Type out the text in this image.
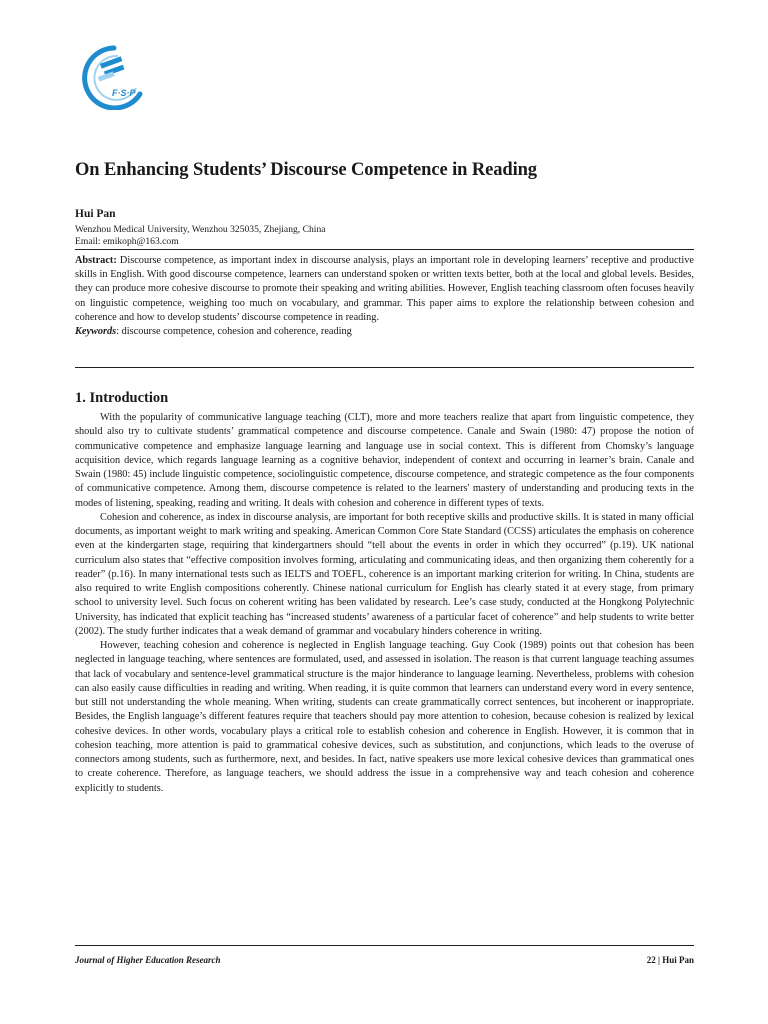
F·S·P
On Enhancing Students’ Discourse Competence in Reading
Hui Pan
Wenzhou Medical University, Wenzhou 325035, Zhejiang, China
Email: emikoph@163.com

Abstract: Discourse competence, as important index in discourse analysis, plays an important role in developing learners’ receptive and productive skills in English. With good discourse competence, learners can understand spoken or written texts better, both at the local and global levels. Besides, they can produce more cohesive discourse to promote their speaking and writing abilities. However, English teaching classroom often focuses heavily on linguistic competence, weighing too much on vocabulary, and grammar. This paper aims to explore the relationship between cohesion and coherence and how to develop students’ discourse competence in reading.

Keywords: discourse competence, cohesion and coherence, reading

1. Introduction

With the popularity of communicative language teaching (CLT), more and more teachers realize that apart from linguistic competence, they should also try to cultivate students’ grammatical competence and discourse competence. Canale and Swain (1980: 47) propose the notion of communicative competence and emphasize language learning and language use in social context. This is different from Chomsky’s language acquisition device, which regards language learning as a cognitive behavior, independent of context and occurring in learner’s brain. Canale and Swain (1980: 45) include linguistic competence, sociolinguistic competence, discourse competence, and strategic competence as the four components of communicative competence. Among them, discourse competence is related to the learners' mastery of understanding and producing texts in the modes of listening, speaking, reading and writing. It deals with cohesion and coherence in different types of texts.

Cohesion and coherence, as index in discourse analysis, are important for both receptive skills and productive skills. It is stated in many official documents, as important weight to mark writing and speaking. American Common Core State Standard (CCSS) articulates the emphasis on coherence even at the kindergarten stage, requiring that kindergartners should “tell about the events in order in which they occurred” (p.19). UK national curriculum also states that “effective composition involves forming, articulating and communicating ideas, and then organizing them coherently for a reader” (p.16). In many international tests such as IELTS and TOEFL, coherence is an important marking criterion for writing. In China, students are also required to write English compositions coherently. Chinese national curriculum for English has clearly stated it at every stage, from primary school to university level. Such focus on coherent writing has been validated by research. Lee’s case study, conducted at the Hongkong Polytechnic University, has indicated that explicit teaching has “increased students’ awareness of a particular facet of coherence” and help students to write better (2002). The study further indicates that a weak demand of grammar and vocabulary hinders coherence in writing.

However, teaching cohesion and coherence is neglected in English language teaching. Guy Cook (1989) points out that cohesion has been neglected in language teaching, where sentences are formulated, used, and assessed in isolation. The reason is that current language teaching assumes that lack of vocabulary and sentence-level grammatical structure is the major hinderance to language learning. Nevertheless, problems with cohesion can also easily cause difficulties in reading and writing. When reading, it is quite common that learners can understand every word in every sentence, but still not understanding the whole meaning. When writing, students can create grammatically correct sentences, but incoherent or inappropriate. Besides, the English language’s different features require that teachers should pay more attention to cohesion, because cohesion is realized by lexical cohesive devices. In other words, vocabulary plays a critical role to establish cohesion and coherence in English. However, it is common that in cohesion teaching, more attention is paid to grammatical cohesive devices, such as substitution, and conjunctions, which leads to the overuse of connectors among students, such as furthermore, next, and besides. In fact, native speakers use more lexical cohesive devices than grammatical ones to create coherence. Therefore, as language teachers, we should address the issue in a comprehensive way and teach cohesion and coherence explicitly to students.

Journal of Higher Education Research	22 | Hui Pan
